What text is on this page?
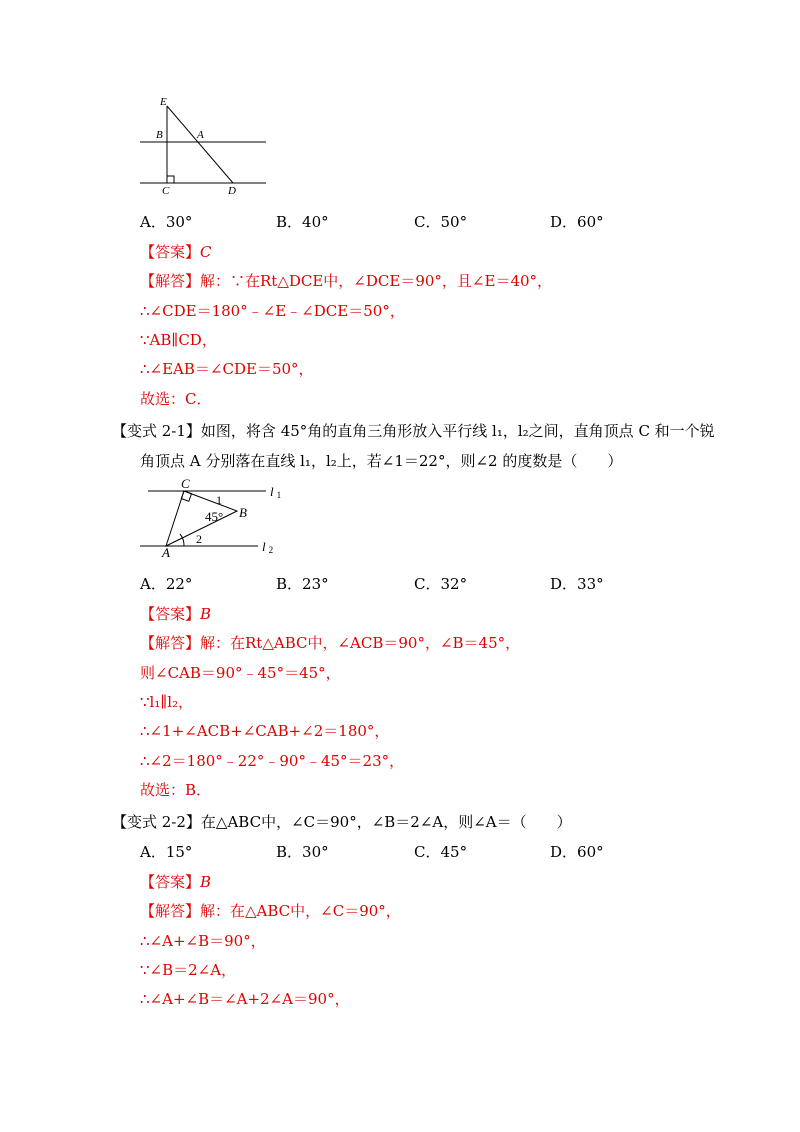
E
B	A
C	D
A．30°	B．40°	C．50°	D．60°
【答案】C
【解答】解：∵在Rt△DCE中，∠DCE＝90°，且∠E＝40°，
∴∠CDE＝180°﹣∠E﹣∠DCE＝50°，
∵AB∥CD，
∴∠EAB＝∠CDE＝50°，
故选：C．
【变式 2-1】如图，将含 45°角的直角三角形放入平行线 l₁，l₂之间，直角顶点 C 和一个锐
角顶点 A 分别落在直线 l₁，l₂上，若∠1＝22°，则∠2 的度数是（　　）
C
B
A
45°
1
2
l 1
l 2
A．22°	B．23°	C．32°	D．33°
【答案】B
【解答】解：在Rt△ABC中，∠ACB＝90°，∠B＝45°，
则∠CAB＝90°﹣45°＝45°，
∵l₁∥l₂，
∴∠1+∠ACB+∠CAB+∠2＝180°，
∴∠2＝180°﹣22°﹣90°﹣45°＝23°，
故选：B．
【变式 2-2】在△ABC中，∠C＝90°，∠B＝2∠A，则∠A＝（　　）
A．15°	B．30°	C．45°	D．60°
【答案】B
【解答】解：在△ABC中，∠C＝90°，
∴∠A+∠B＝90°，
∵∠B＝2∠A，
∴∠A+∠B＝∠A+2∠A＝90°，
